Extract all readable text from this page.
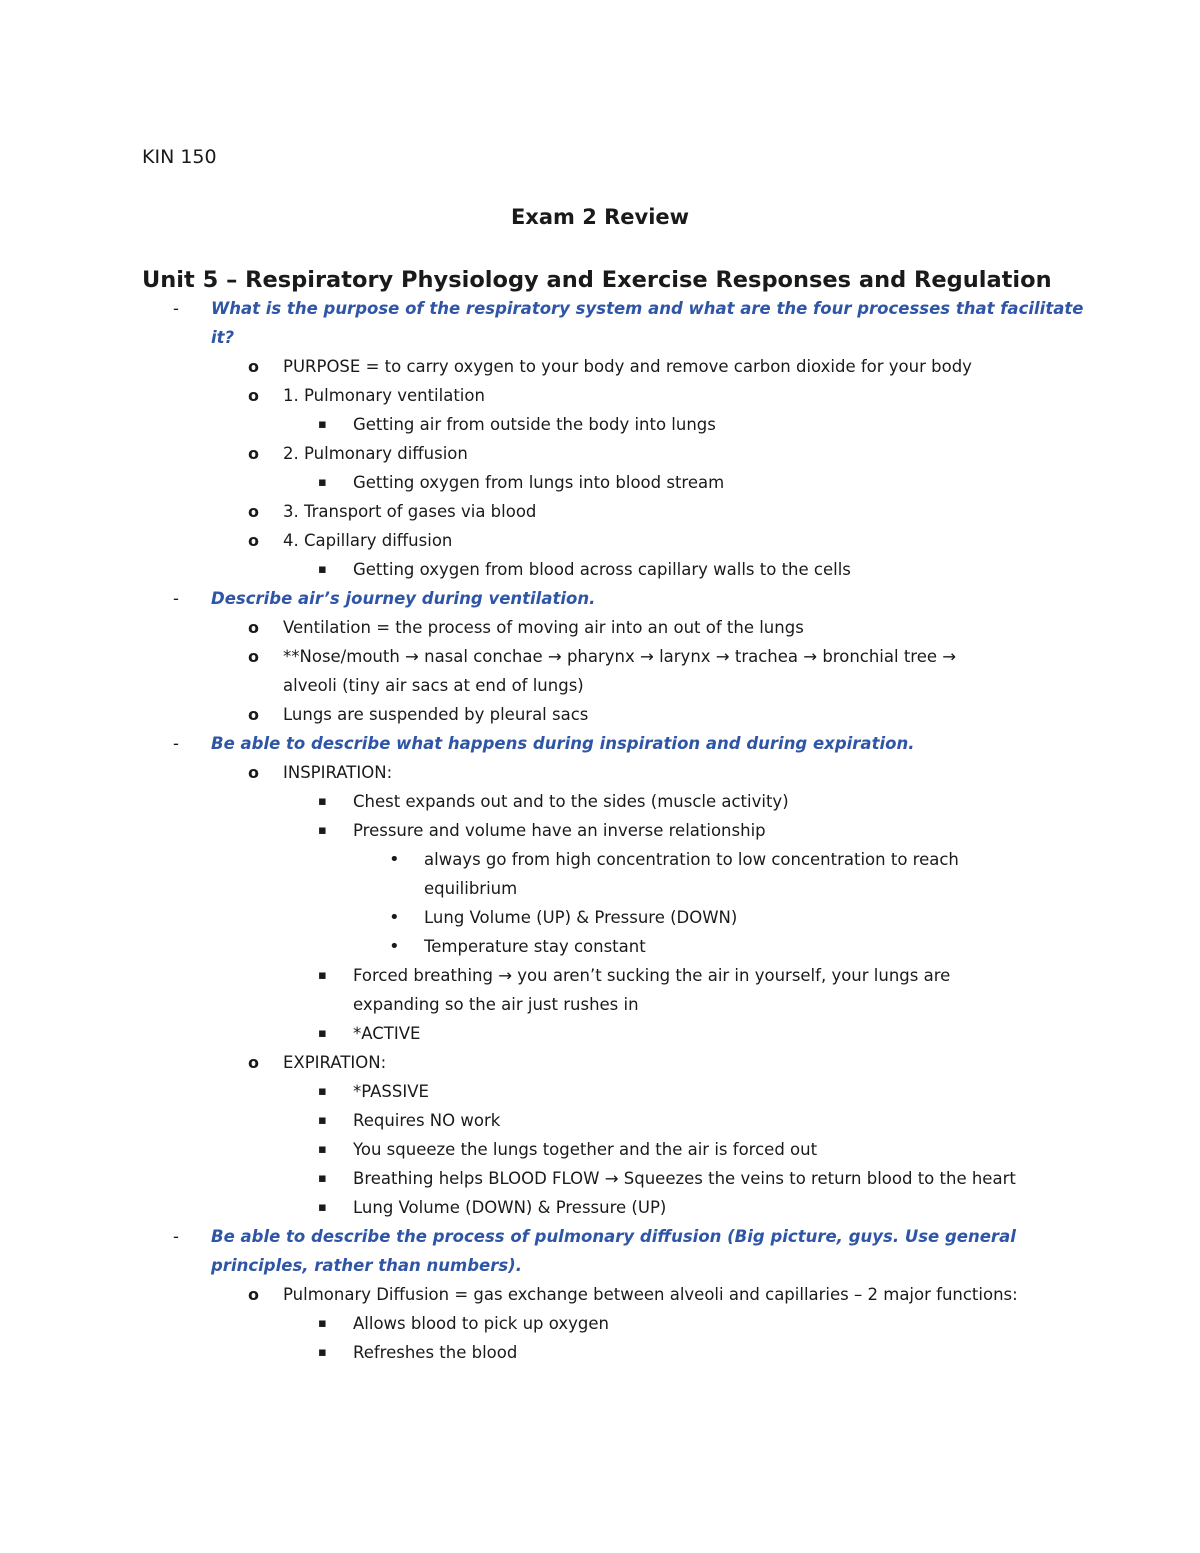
KIN 150

Exam 2 Review
Unit 5 – Respiratory Physiology and Exercise Responses and Regulation
- What is the purpose of the respiratory system and what are the four processes that facilitate
it?
o PURPOSE = to carry oxygen to your body and remove carbon dioxide for your body
o 1. Pulmonary ventilation
▪ Getting air from outside the body into lungs
o 2. Pulmonary diffusion
▪ Getting oxygen from lungs into blood stream
o 3. Transport of gases via blood
o 4. Capillary diffusion
▪ Getting oxygen from blood across capillary walls to the cells
- Describe air’s journey during ventilation.
o Ventilation = the process of moving air into an out of the lungs
o **Nose/mouth → nasal conchae → pharynx → larynx → trachea → bronchial tree →
alveoli (tiny air sacs at end of lungs)
o Lungs are suspended by pleural sacs
- Be able to describe what happens during inspiration and during expiration.
o INSPIRATION:
▪ Chest expands out and to the sides (muscle activity)
▪ Pressure and volume have an inverse relationship
• always go from high concentration to low concentration to reach
equilibrium
• Lung Volume (UP) & Pressure (DOWN)
• Temperature stay constant
▪ Forced breathing → you aren’t sucking the air in yourself, your lungs are
expanding so the air just rushes in
▪ *ACTIVE
o EXPIRATION:
▪ *PASSIVE
▪ Requires NO work
▪ You squeeze the lungs together and the air is forced out
▪ Breathing helps BLOOD FLOW → Squeezes the veins to return blood to the heart
▪ Lung Volume (DOWN) & Pressure (UP)
- Be able to describe the process of pulmonary diffusion (Big picture, guys. Use general
principles, rather than numbers).
o Pulmonary Diffusion = gas exchange between alveoli and capillaries – 2 major functions:
▪ Allows blood to pick up oxygen
▪ Refreshes the blood
